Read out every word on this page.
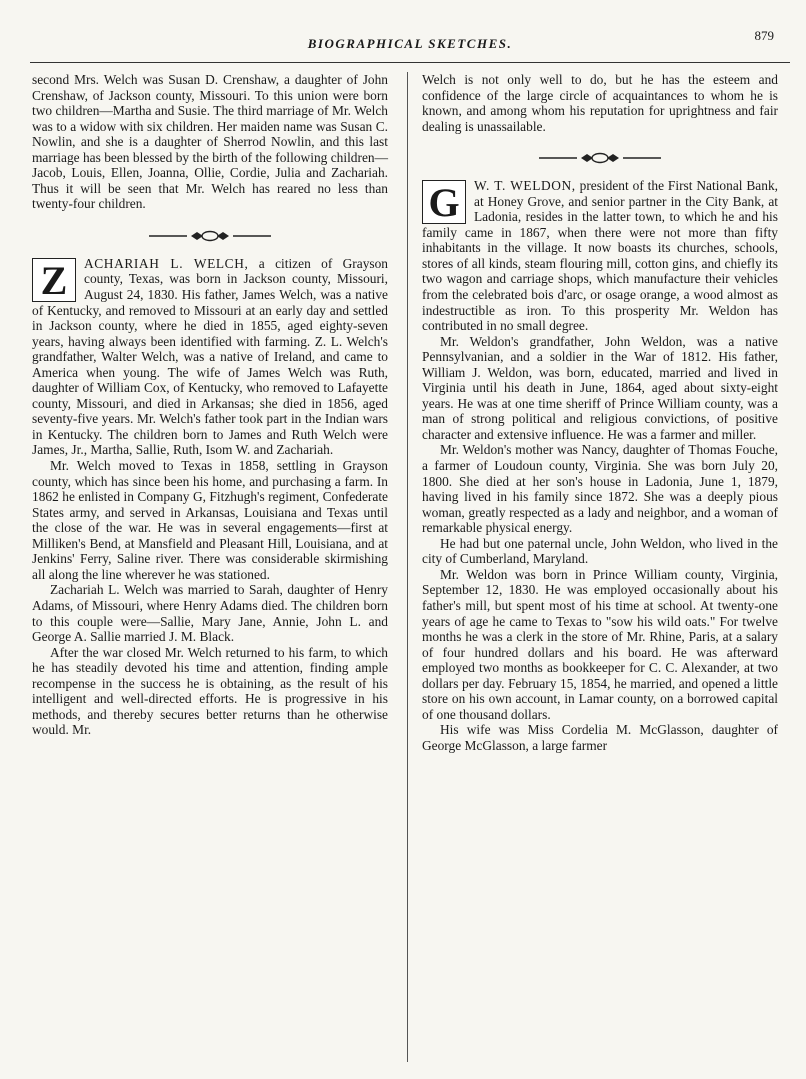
BIOGRAPHICAL SKETCHES.
879

second Mrs. Welch was Susan D. Crenshaw, a daughter of John Crenshaw, of Jackson county, Missouri. To this union were born two children—Martha and Susie. The third marriage of Mr. Welch was to a widow with six children. Her maiden name was Susan C. Nowlin, and she is a daughter of Sherrod Nowlin, and this last marriage has been blessed by the birth of the following children—Jacob, Louis, Ellen, Joanna, Ollie, Cordie, Julia and Zachariah. Thus it will be seen that Mr. Welch has reared no less than twenty-four children.

Z	ACHARIAH L. WELCH, a citizen of Grayson county, Texas, was born in Jackson county, Missouri, August 24, 1830. His father, James Welch, was a native of Kentucky, and removed to Missouri at an early day and settled in Jackson county, where he died in 1855, aged eighty-seven years, having always been identified with farming. Z. L. Welch's grandfather, Walter Welch, was a native of Ireland, and came to America when young. The wife of James Welch was Ruth, daughter of William Cox, of Kentucky, who removed to Lafayette county, Missouri, and died in Arkansas; she died in 1856, aged seventy-five years. Mr. Welch's father took part in the Indian wars in Kentucky. The children born to James and Ruth Welch were James, Jr., Martha, Sallie, Ruth, Isom W. and Zachariah.

Mr. Welch moved to Texas in 1858, settling in Grayson county, which has since been his home, and purchasing a farm. In 1862 he enlisted in Company G, Fitzhugh's regiment, Confederate States army, and served in Arkansas, Louisiana and Texas until the close of the war. He was in several engagements—first at Milliken's Bend, at Mansfield and Pleasant Hill, Louisiana, and at Jenkins' Ferry, Saline river. There was considerable skirmishing all along the line wherever he was stationed.

Zachariah L. Welch was married to Sarah, daughter of Henry Adams, of Missouri, where Henry Adams died. The children born to this couple were—Sallie, Mary Jane, Annie, John L. and George A. Sallie married J. M. Black.

After the war closed Mr. Welch returned to his farm, to which he has steadily devoted his time and attention, finding ample recompense in the success he is obtaining, as the result of his intelligent and well-directed efforts. He is progressive in his methods, and thereby secures better returns than he otherwise would. Mr.

Welch is not only well to do, but he has the esteem and confidence of the large circle of acquaintances to whom he is known, and among whom his reputation for uprightness and fair dealing is unassailable.

G	W. T. WELDON, president of the First National Bank, at Honey Grove, and senior partner in the City Bank, at Ladonia, resides in the latter town, to which he and his family came in 1867, when there were not more than fifty inhabitants in the village. It now boasts its churches, schools, stores of all kinds, steam flouring mill, cotton gins, and chiefly its two wagon and carriage shops, which manufacture their vehicles from the celebrated bois d'arc, or osage orange, a wood almost as indestructible as iron. To this prosperity Mr. Weldon has contributed in no small degree.

Mr. Weldon's grandfather, John Weldon, was a native Pennsylvanian, and a soldier in the War of 1812. His father, William J. Weldon, was born, educated, married and lived in Virginia until his death in June, 1864, aged about sixty-eight years. He was at one time sheriff of Prince William county, was a man of strong political and religious convictions, of positive character and extensive influence. He was a farmer and miller.

Mr. Weldon's mother was Nancy, daughter of Thomas Fouche, a farmer of Loudoun county, Virginia. She was born July 20, 1800. She died at her son's house in Ladonia, June 1, 1879, having lived in his family since 1872. She was a deeply pious woman, greatly respected as a lady and neighbor, and a woman of remarkable physical energy.

He had but one paternal uncle, John Weldon, who lived in the city of Cumberland, Maryland.

Mr. Weldon was born in Prince William county, Virginia, September 12, 1830. He was employed occasionally about his father's mill, but spent most of his time at school. At twenty-one years of age he came to Texas to "sow his wild oats." For twelve months he was a clerk in the store of Mr. Rhine, Paris, at a salary of four hundred dollars and his board. He was afterward employed two months as bookkeeper for C. C. Alexander, at two dollars per day. February 15, 1854, he married, and opened a little store on his own account, in Lamar county, on a borrowed capital of one thousand dollars.

His wife was Miss Cordelia M. McGlasson, daughter of George McGlasson, a large farmer
